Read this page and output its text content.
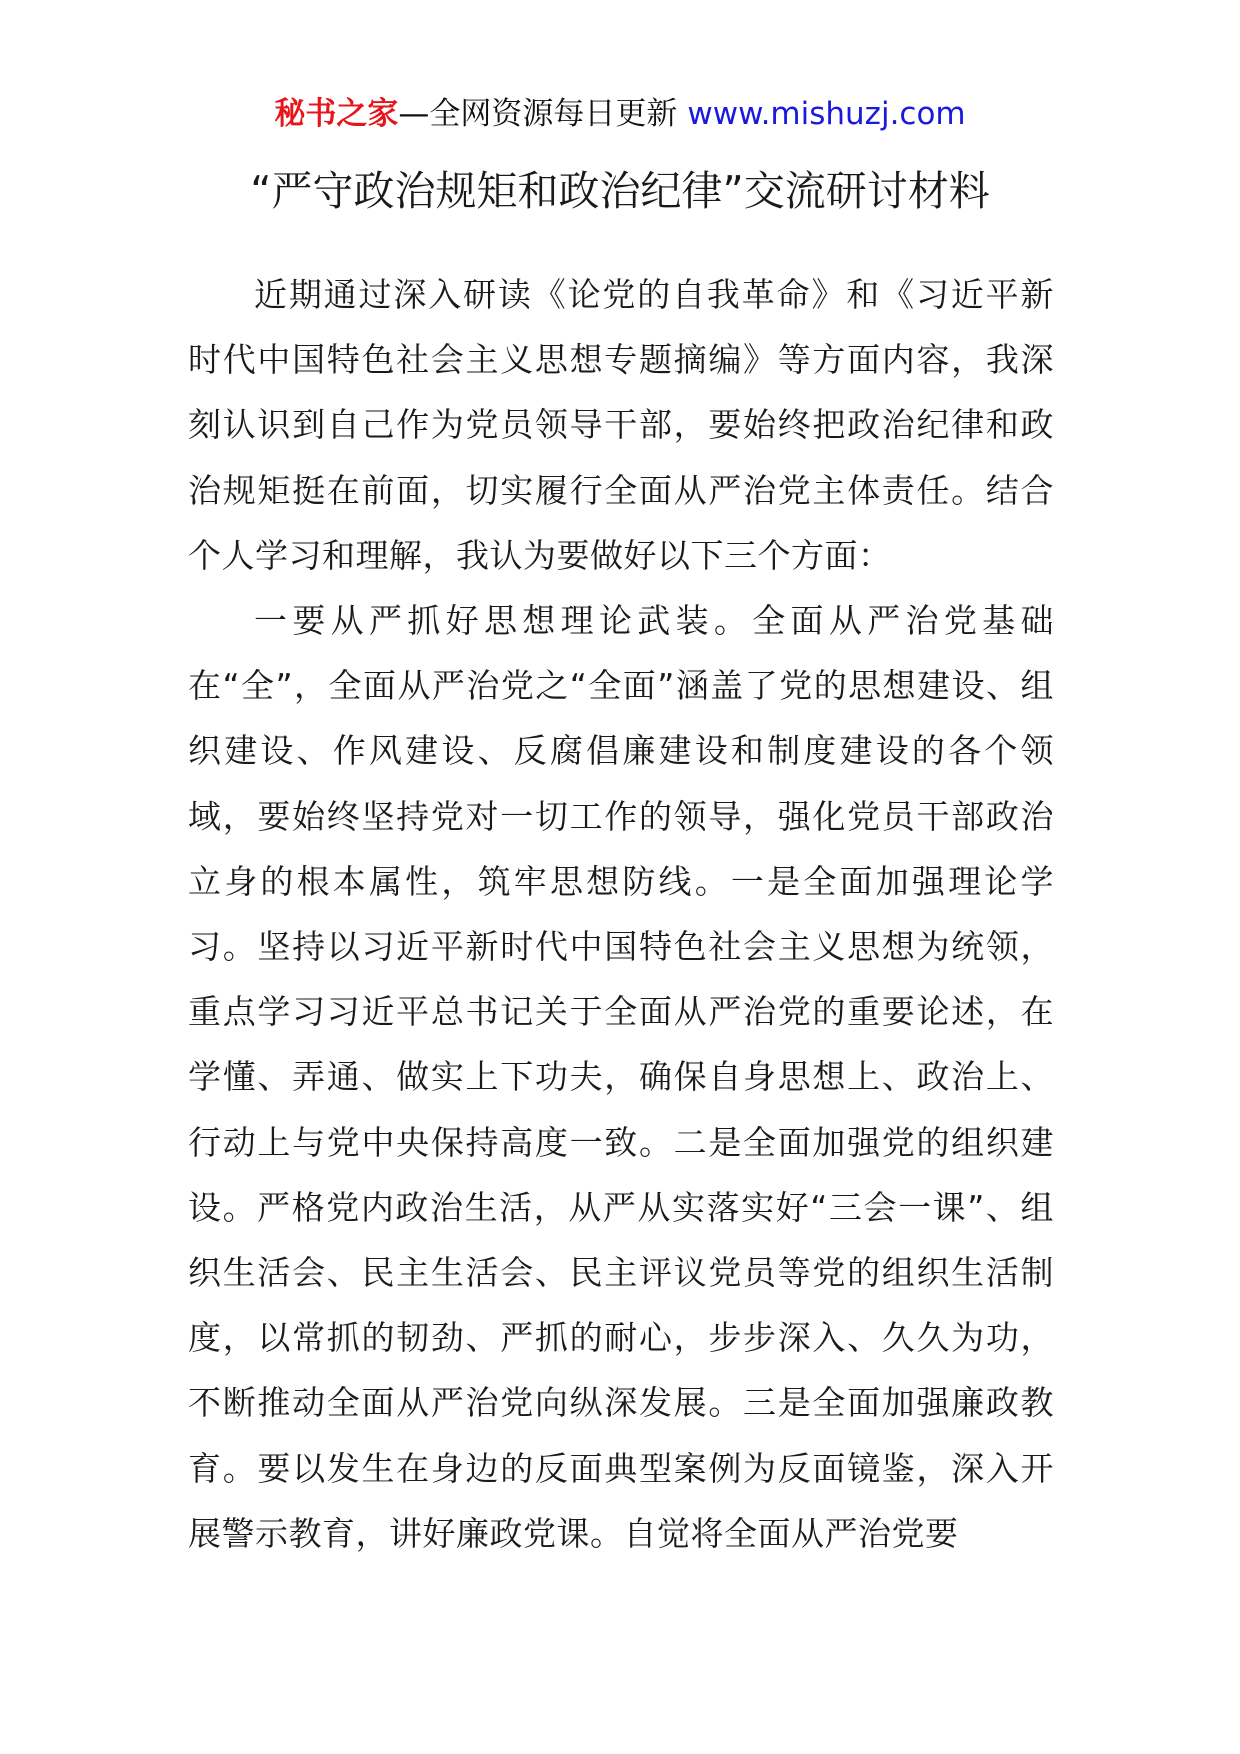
秘书之家—全网资源每日更新 www.mishuzj.com
“严守政治规矩和政治纪律”交流研讨材料

近期通过深入研读《论党的自我革命》和《习近平新时代中国特色社会主义思想专题摘编》等方面内容，我深刻认识到自己作为党员领导干部，要始终把政治纪律和政治规矩挺在前面，切实履行全面从严治党主体责任。结合个人学习和理解，我认为要做好以下三个方面：

一要从严抓好思想理论武装。全面从严治党基础在“全”，全面从严治党之“全面”涵盖了党的思想建设、组织建设、作风建设、反腐倡廉建设和制度建设的各个领域，要始终坚持党对一切工作的领导，强化党员干部政治立身的根本属性，筑牢思想防线。一是全面加强理论学习。坚持以习近平新时代中国特色社会主义思想为统领，重点学习习近平总书记关于全面从严治党的重要论述，在学懂、弄通、做实上下功夫，确保自身思想上、政治上、行动上与党中央保持高度一致。二是全面加强党的组织建设。严格党内政治生活，从严从实落实好“三会一课”、组织生活会、民主生活会、民主评议党员等党的组织生活制度，以常抓的韧劲、严抓的耐心，步步深入、久久为功，不断推动全面从严治党向纵深发展。三是全面加强廉政教育。要以发生在身边的反面典型案例为反面镜鉴，深入开展警示教育，讲好廉政党课。自觉将全面从严治党要
